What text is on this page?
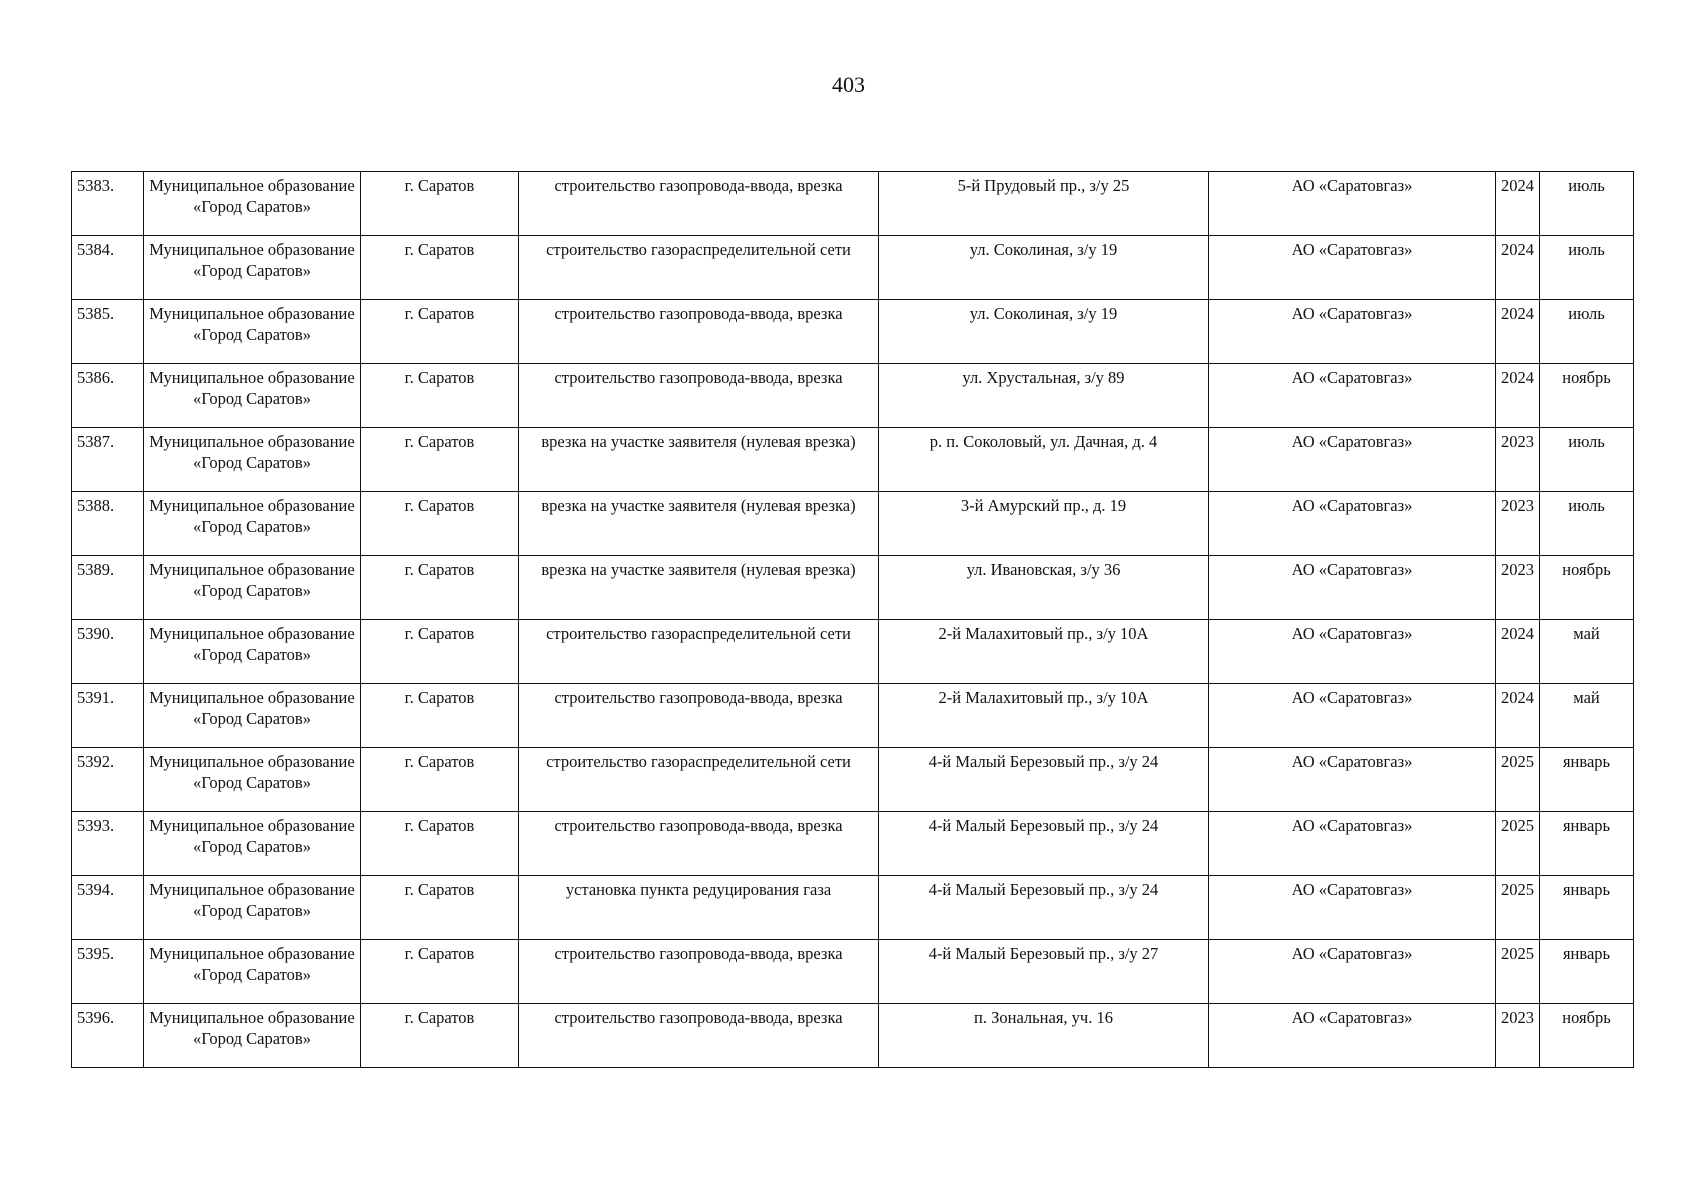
403
5383.	Муниципальное образование «Город Саратов»	г. Саратов	строительство газопровода-ввода, врезка	5-й Прудовый пр., з/у 25	АО «Саратовгаз»	2024	июль
5384.	Муниципальное образование «Город Саратов»	г. Саратов	строительство газораспределительной сети	ул. Соколиная, з/у 19	АО «Саратовгаз»	2024	июль
5385.	Муниципальное образование «Город Саратов»	г. Саратов	строительство газопровода-ввода, врезка	ул. Соколиная, з/у 19	АО «Саратовгаз»	2024	июль
5386.	Муниципальное образование «Город Саратов»	г. Саратов	строительство газопровода-ввода, врезка	ул. Хрустальная, з/у 89	АО «Саратовгаз»	2024	ноябрь
5387.	Муниципальное образование «Город Саратов»	г. Саратов	врезка на участке заявителя (нулевая врезка)	р. п. Соколовый, ул. Дачная, д. 4	АО «Саратовгаз»	2023	июль
5388.	Муниципальное образование «Город Саратов»	г. Саратов	врезка на участке заявителя (нулевая врезка)	3-й Амурский пр., д. 19	АО «Саратовгаз»	2023	июль
5389.	Муниципальное образование «Город Саратов»	г. Саратов	врезка на участке заявителя (нулевая врезка)	ул. Ивановская, з/у 36	АО «Саратовгаз»	2023	ноябрь
5390.	Муниципальное образование «Город Саратов»	г. Саратов	строительство газораспределительной сети	2-й Малахитовый пр., з/у 10А	АО «Саратовгаз»	2024	май
5391.	Муниципальное образование «Город Саратов»	г. Саратов	строительство газопровода-ввода, врезка	2-й Малахитовый пр., з/у 10А	АО «Саратовгаз»	2024	май
5392.	Муниципальное образование «Город Саратов»	г. Саратов	строительство газораспределительной сети	4-й Малый Березовый пр., з/у 24	АО «Саратовгаз»	2025	январь
5393.	Муниципальное образование «Город Саратов»	г. Саратов	строительство газопровода-ввода, врезка	4-й Малый Березовый пр., з/у 24	АО «Саратовгаз»	2025	январь
5394.	Муниципальное образование «Город Саратов»	г. Саратов	установка пункта редуцирования газа	4-й Малый Березовый пр., з/у 24	АО «Саратовгаз»	2025	январь
5395.	Муниципальное образование «Город Саратов»	г. Саратов	строительство газопровода-ввода, врезка	4-й Малый Березовый пр., з/у 27	АО «Саратовгаз»	2025	январь
5396.	Муниципальное образование «Город Саратов»	г. Саратов	строительство газопровода-ввода, врезка	п. Зональная, уч. 16	АО «Саратовгаз»	2023	ноябрь
